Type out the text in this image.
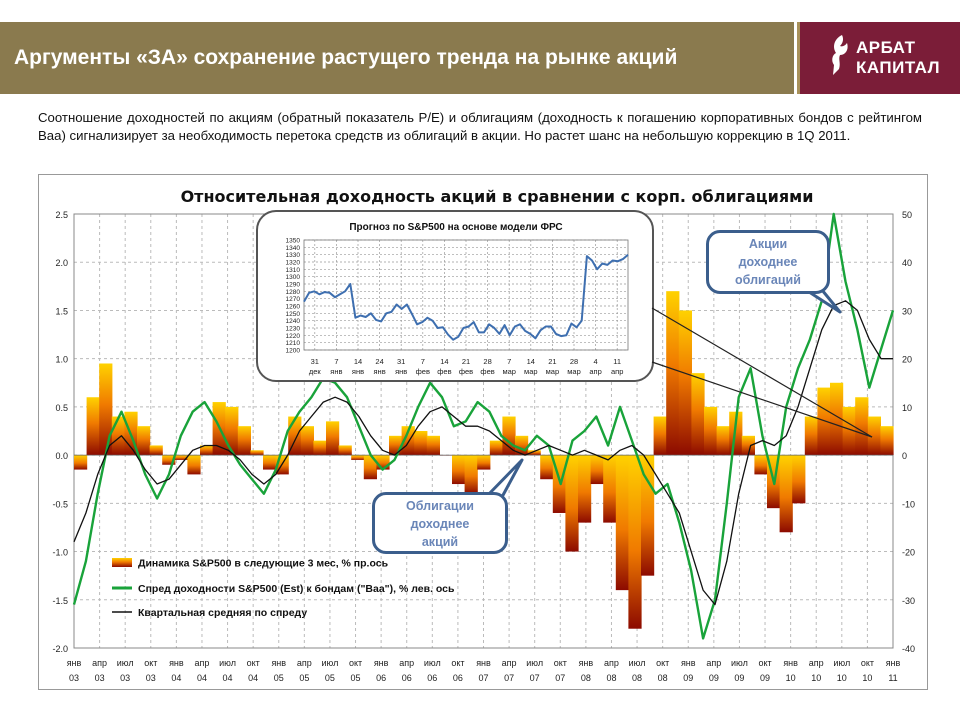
Аргументы «ЗА» сохранение растущего тренда на рынке акций	АРБАТ
КАПИТАЛ
Соотношение доходностей по акциям (обратный показатель P/E) и облигациям (доходность к погашению корпоративных бондов с рейтингом Baa) сигнализирует за необходимость перетока средств из облигаций в акции. Но растет шанс на небольшую коррекцию в 1Q 2011.
Относительная доходность акций в сравнении с корп. облигациями
2.5
2.0
1.5
1.0
0.5
0.0
-0.5
-1.0
-1.5
-2.0
50
40
30
20
10
0
-10
-20
-30
-40
янв
03
апр
03
июл
03
окт
03
янв
04
апр
04
июл
04
окт
04
янв
05
апр
05
июл
05
окт
05
янв
06
апр
06
июл
06
окт
06
янв
07
апр
07
июл
07
окт
07
янв
08
апр
08
июл
08
окт
08
янв
09
апр
09
июл
09
окт
09
янв
10
апр
10
июл
10
окт
10
янв
11
Динамика S&P500 в следующие 3 мес, % пр.ось
Спред доходности S&P500 (Est) к бондам ("Baa"), % лев. ось
Квартальная средняя по спреду
Прогноз по S&P500 на основе модели ФРС
1350
1340
1330
1320
1310
1300
1290
1280
1270
1260
1250
1240
1230
1220
1210
1200
31
дек
7
янв
14
янв
24
янв
31
янв
7
фев
14
фев
21
фев
28
фев
7
мар
14
мар
21
мар
28
мар
4
апр
11
апр
Акции
доходнее
облигаций
Облигации
доходнее
акций
